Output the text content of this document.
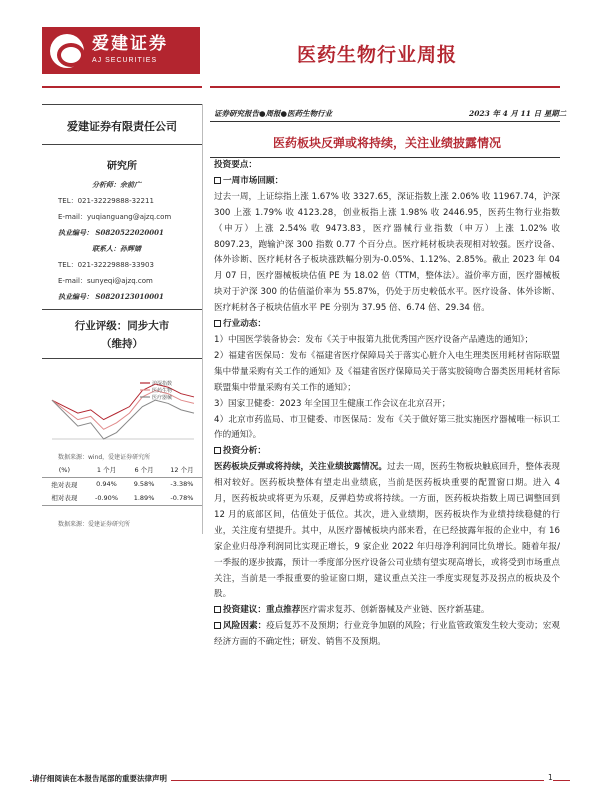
爱建证券
AJ SECURITIES	医药生物行业周报
爱建证券有限责任公司
研究所
分析师：余前广
TEL：021-32229888-32211
E-mail：yuqianguang@ajzq.com
执业编号： S0820522020001
联系人：孙辉婧
TEL：021-32229888-33903
E-mail：sunyeqi@ajzq.com
执业编号： S0820123010001
行业评级：同步大市
（维持）
沪深指数
医药生物
医疗器械
数据来源：wind，爱建证券研究所
(%)	1 个月	6 个月	12 个月
绝对表现	0.94%	9.58%	-3.38%
相对表现	-0.90%	1.89%	-0.78%
数据来源：爱建证券研究所
证券研究报告●周报●医药生物行业	2023 年 4 月 11 日 星期二
医药板块反弹或将持续，关注业绩披露情况
投资要点：
一周市场回顾：

过去一周，上证综指上涨 1.67% 收 3327.65，深证指数上涨 2.06% 收 11967.74，沪深 300 上涨 1.79% 收 4123.28，创业板指上涨 1.98% 收 2446.95，医药生物行业指数（申万）上涨 2.54% 收 9473.83，医疗器械行业指数（申万）上涨 1.02% 收 8097.23，跑输沪深 300 指数 0.77 个百分点。医疗耗材板块表现相对较强。医疗设备、体外诊断、医疗耗材各子板块涨跌幅分别为-0.05%、1.12%、2.85%。截止 2023 年 04 月 07 日，医疗器械板块估值 PE 为 18.02 倍（TTM，整体法）。溢价率方面，医疗器械板块对于沪深 300 的估值溢价率为 55.87%，仍处于历史較低水平。医疗设备、体外诊断、医疗耗材各子板块估值水平 PE 分别为 37.95 倍、6.74 倍、29.34 倍。

行业动态：

1）中国医学装备协会：发布《关于申报第九批优秀国产医疗设备产品遴选的通知》；

2）福建省医保局：发布《福建省医疗保障局关于落实心脏介入电生理类医用耗材省际联盟集中带量采购有关工作的通知》及《福建省医疗保障局关于落实胶镜吻合器类医用耗材省际联盟集中带量采购有关工作的通知》；

3）国家卫健委：2023 年全国卫生健康工作会议在北京召开；

4）北京市药监局、市卫健委、市医保局：发布《关于做好第三批实施医疗器械唯一标识工作的通知》。

投资分析：

医药板块反弹或将持续，关注业绩披露情况。过去一周，医药生物板块触底回升，整体表现相对较好。医药板块整体有望走出业绩底，当前是医药板块重要的配置窗口期。进入 4 月，医药板块或将更为乐观，反弹趋势或将持续。一方面，医药板块指数上周已调整回到 12 月的底部区间，估值处于低位。其次，进入业绩期，医药板块作为业绩持续稳健的行业，关注度有望提升。其中，从医疗器械板块内部来看，在已经披露年报的企业中，有 16 家企业归母净利润同比实现正增长，9 家企业 2022 年归母净利润同比负增长。随着年报/一季报的逐步披露，预计一季度部分医疗设备公司业绩有望实现高增长，或将受到市场重点关注，当前是一季报重要的验证窗口期，建议重点关注一季度实现复苏及拐点的板块及个股。

投资建议：重点推荐医疗需求复苏、创新器械及产业链、医疗新基建。

风险因素：疫后复苏不及预期；行业竞争加剧的风险；行业监管政策发生较大变动；宏观经济方面的不确定性；研发、销售不及预期。

请仔细阅读在本报告尾部的重要法律声明	1
